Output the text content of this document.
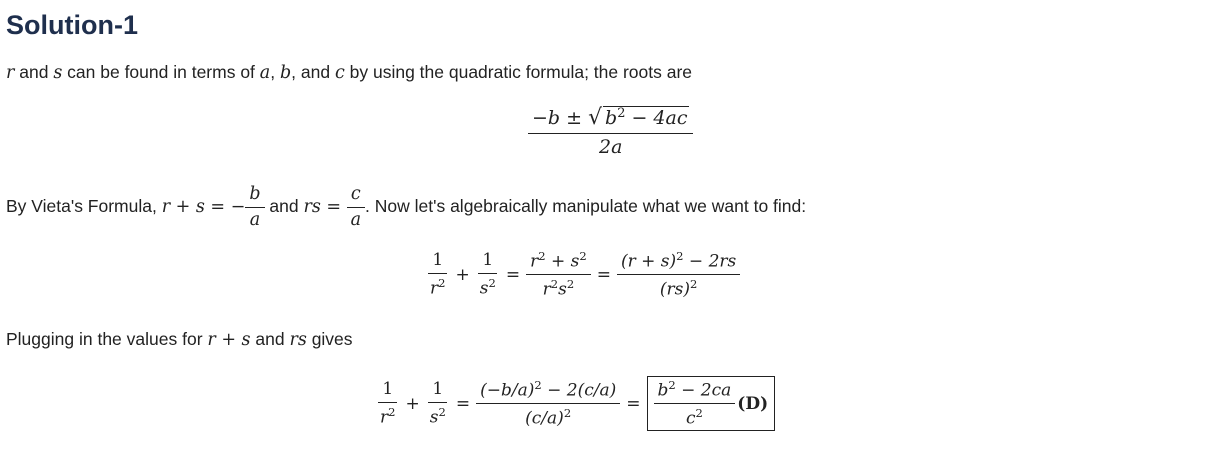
Solution-1
r and s can be found in terms of a, b, and c by using the quadratic formula; the roots are
$\frac{-b \pm √ b^2 - 4ac}{2a}$
By Vieta's Formula, r + s = − $\frac{b}{a}$ and rs = $\frac{c}{a}$ . Now let's algebraically manipulate what we want to find:
$\frac{1}{r^2} + \frac{1}{s^2} = \frac{r^2 + s^2}{r^2s^2} = \frac{(r + s)^2 - 2rs}{(rs)^2}$
Plugging in the values for r + s and rs gives
$\frac{1}{r^2} + \frac{1}{s^2} = \frac{(-b/a)^2 - 2(c/a)}{(c/a)^2} = \frac{b^2 - 2ca}{c^2} (D)$
